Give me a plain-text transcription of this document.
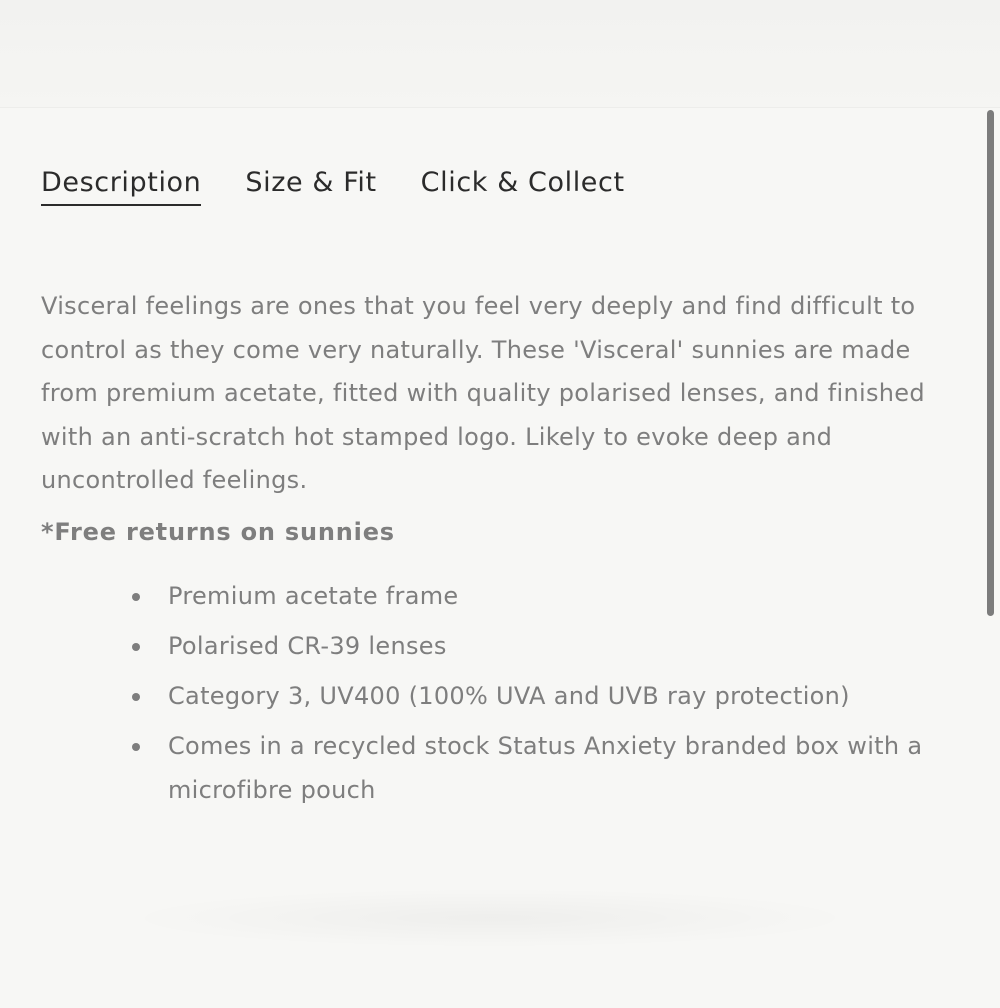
Description Size & Fit Click & Collect

Visceral feelings are ones that you feel very deeply and find difficult to control as they come very naturally. These 'Visceral' sunnies are made from premium acetate, fitted with quality polarised lenses, and finished with an anti-scratch hot stamped logo. Likely to evoke deep and uncontrolled feelings.

*Free returns on sunnies

Premium acetate frame
Polarised CR-39 lenses
Category 3, UV400 (100% UVA and UVB ray protection)
Comes in a recycled stock Status Anxiety branded box with a microfibre pouch
